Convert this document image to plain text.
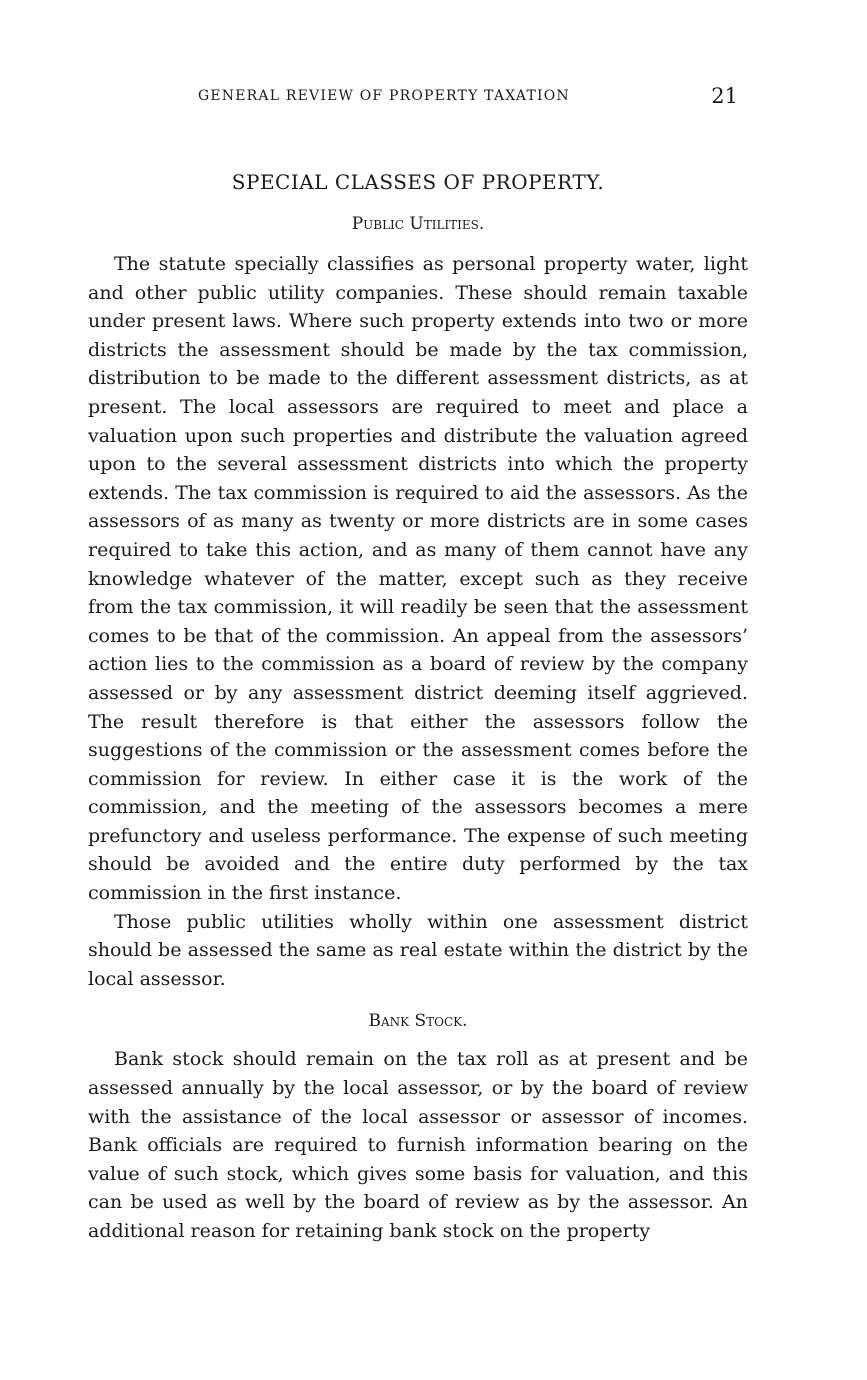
GENERAL REVIEW OF PROPERTY TAXATION	21
SPECIAL CLASSES OF PROPERTY.
Public Utilities.

The statute specially classifies as personal property water, light and other public utility companies. These should remain taxable under present laws. Where such property extends into two or more districts the assessment should be made by the tax commission, distribution to be made to the different assessment districts, as at present. The local assessors are required to meet and place a valuation upon such properties and distribute the valuation agreed upon to the several assessment districts into which the property extends. The tax commission is required to aid the assessors. As the assessors of as many as twenty or more districts are in some cases required to take this action, and as many of them cannot have any knowledge whatever of the matter, except such as they receive from the tax commission, it will readily be seen that the assessment comes to be that of the commission. An appeal from the assessors’ action lies to the commission as a board of review by the company assessed or by any assessment district deeming itself aggrieved. The result therefore is that either the assessors follow the suggestions of the commission or the assessment comes before the commission for review. In either case it is the work of the commission, and the meeting of the assessors becomes a mere prefunctory and useless performance. The expense of such meeting should be avoided and the entire duty performed by the tax commission in the first instance.

Those public utilities wholly within one assessment district should be assessed the same as real estate within the district by the local assessor.

Bank Stock.

Bank stock should remain on the tax roll as at present and be assessed annually by the local assessor, or by the board of review with the assistance of the local assessor or assessor of incomes. Bank officials are required to furnish information bearing on the value of such stock, which gives some basis for valuation, and this can be used as well by the board of review as by the assessor. An additional reason for retaining bank stock on the property
